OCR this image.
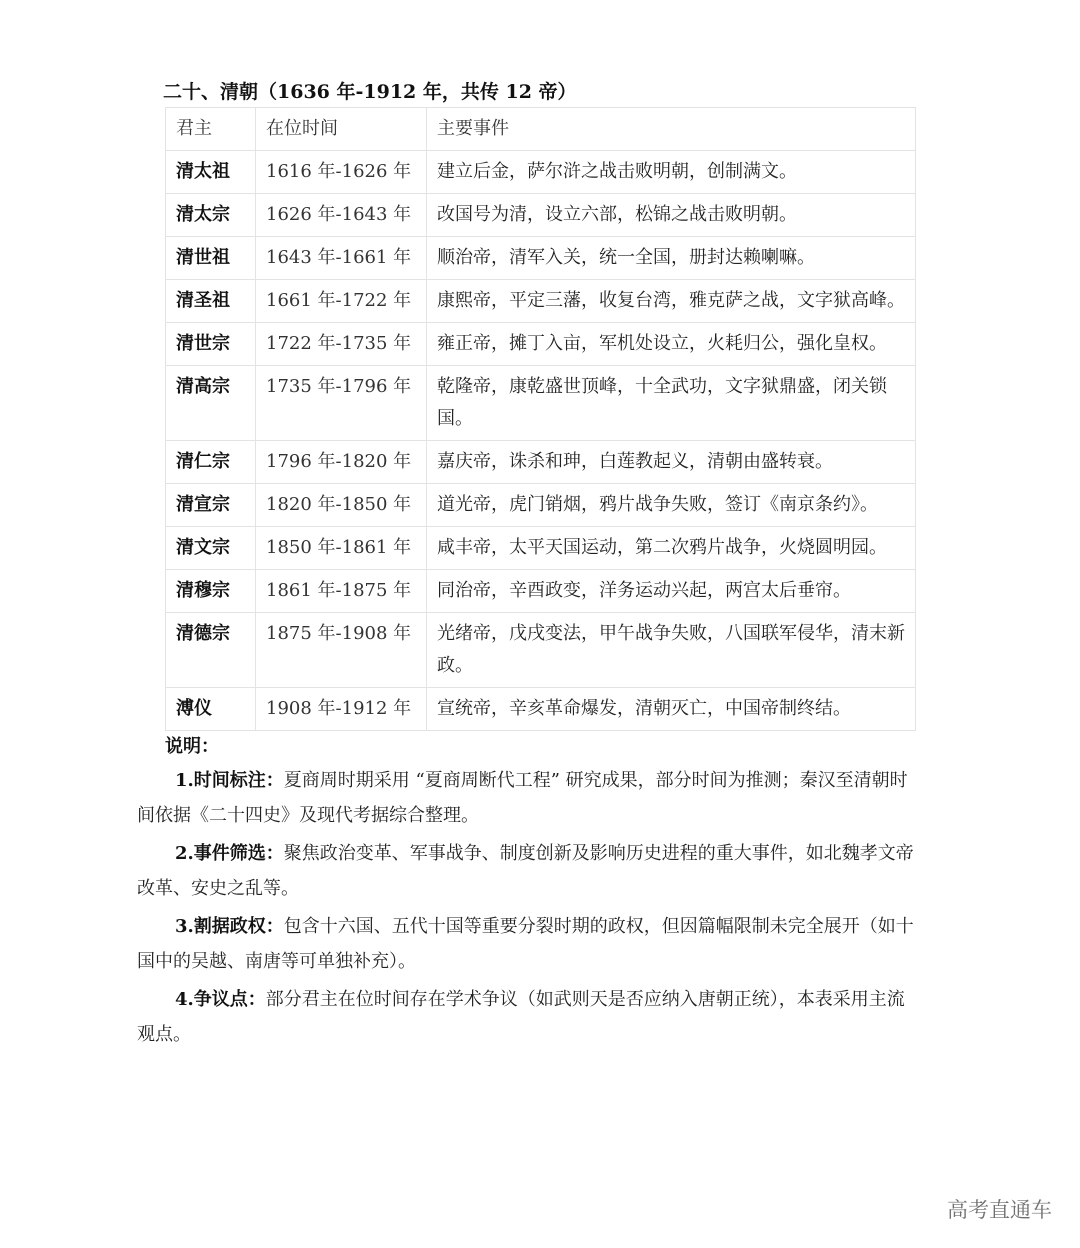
二十、清朝（1636 年-1912 年，共传 12 帝）
君主	在位时间	主要事件
清太祖	1616 年-1626 年	建立后金，萨尔浒之战击败明朝，创制满文。
清太宗	1626 年-1643 年	改国号为清，设立六部，松锦之战击败明朝。
清世祖	1643 年-1661 年	顺治帝，清军入关，统一全国，册封达赖喇嘛。
清圣祖	1661 年-1722 年	康熙帝，平定三藩，收复台湾，雅克萨之战，文字狱高峰。
清世宗	1722 年-1735 年	雍正帝，摊丁入亩，军机处设立，火耗归公，强化皇权。
清高宗	1735 年-1796 年	乾隆帝，康乾盛世顶峰，十全武功，文字狱鼎盛，闭关锁国。
清仁宗	1796 年-1820 年	嘉庆帝，诛杀和珅，白莲教起义，清朝由盛转衰。
清宣宗	1820 年-1850 年	道光帝，虎门销烟，鸦片战争失败，签订《南京条约》。
清文宗	1850 年-1861 年	咸丰帝，太平天国运动，第二次鸦片战争，火烧圆明园。
清穆宗	1861 年-1875 年	同治帝，辛酉政变，洋务运动兴起，两宫太后垂帘。
清德宗	1875 年-1908 年	光绪帝，戊戌变法，甲午战争失败，八国联军侵华，清末新政。
溥仪	1908 年-1912 年	宣统帝，辛亥革命爆发，清朝灭亡，中国帝制终结。
说明：

1.时间标注：夏商周时期采用 “夏商周断代工程” 研究成果，部分时间为推测；秦汉至清朝时间依据《二十四史》及现代考据综合整理。

2.事件筛选：聚焦政治变革、军事战争、制度创新及影响历史进程的重大事件，如北魏孝文帝改革、安史之乱等。

3.割据政权：包含十六国、五代十国等重要分裂时期的政权，但因篇幅限制未完全展开（如十国中的吴越、南唐等可单独补充）。

4.争议点：部分君主在位时间存在学术争议（如武则天是否应纳入唐朝正统），本表采用主流观点。

高考直通车
